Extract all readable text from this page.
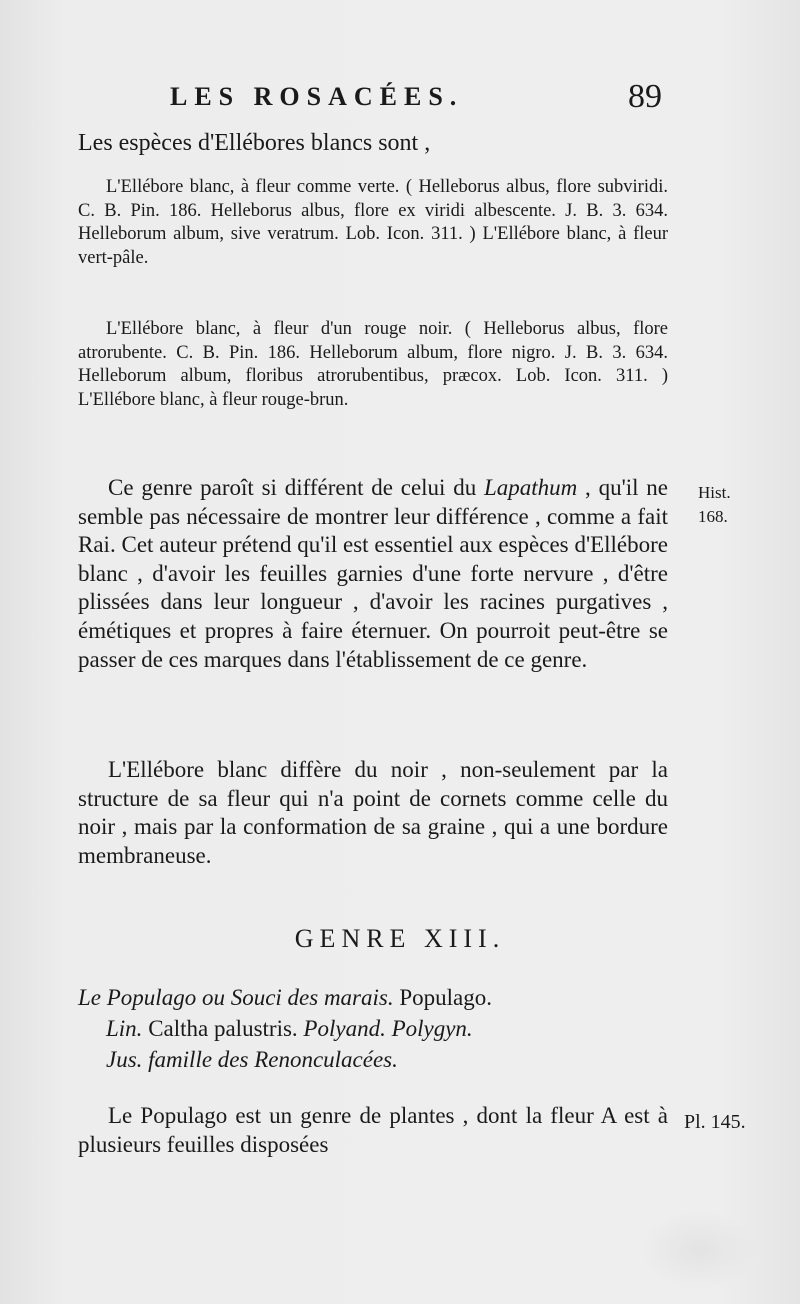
LES ROSACÉES.	89
Les espèces d'Ellébores blancs sont ,
L'Ellébore blanc, à fleur comme verte. ( Helleborus albus, flore subviridi. C. B. Pin. 186. Helleborus albus, flore ex viridi albescente. J. B. 3. 634. Helleborum album, sive veratrum. Lob. Icon. 311. ) L'Ellébore blanc, à fleur vert-pâle.
L'Ellébore blanc, à fleur d'un rouge noir. ( Helleborus albus, flore atrorubente. C. B. Pin. 186. Helleborum album, flore nigro. J. B. 3. 634. Helleborum album, floribus atrorubentibus, præcox. Lob. Icon. 311. ) L'Ellébore blanc, à fleur rouge-brun.

Ce genre paroît si différent de celui du Lapathum , qu'il ne semble pas nécessaire de montrer leur différence , comme a fait Rai. Cet auteur prétend qu'il est essentiel aux espèces d'Ellébore blanc , d'avoir les feuilles garnies d'une forte nervure , d'être plissées dans leur longueur , d'avoir les racines purgatives , émétiques et propres à faire éternuer. On pourroit peut-être se passer de ces marques dans l'établissement de ce genre.

Hist.
168.

L'Ellébore blanc diffère du noir , non-seulement par la structure de sa fleur qui n'a point de cornets comme celle du noir , mais par la conformation de sa graine , qui a une bordure membraneuse.

GENRE XIII.
Le Populago ou Souci des marais. Populago.
Lin. Caltha palustris. Polyand. Polygyn.
Jus. famille des Renonculacées.

Le Populago est un genre de plantes , dont la fleur A est à plusieurs feuilles disposées

Pl. 145.
